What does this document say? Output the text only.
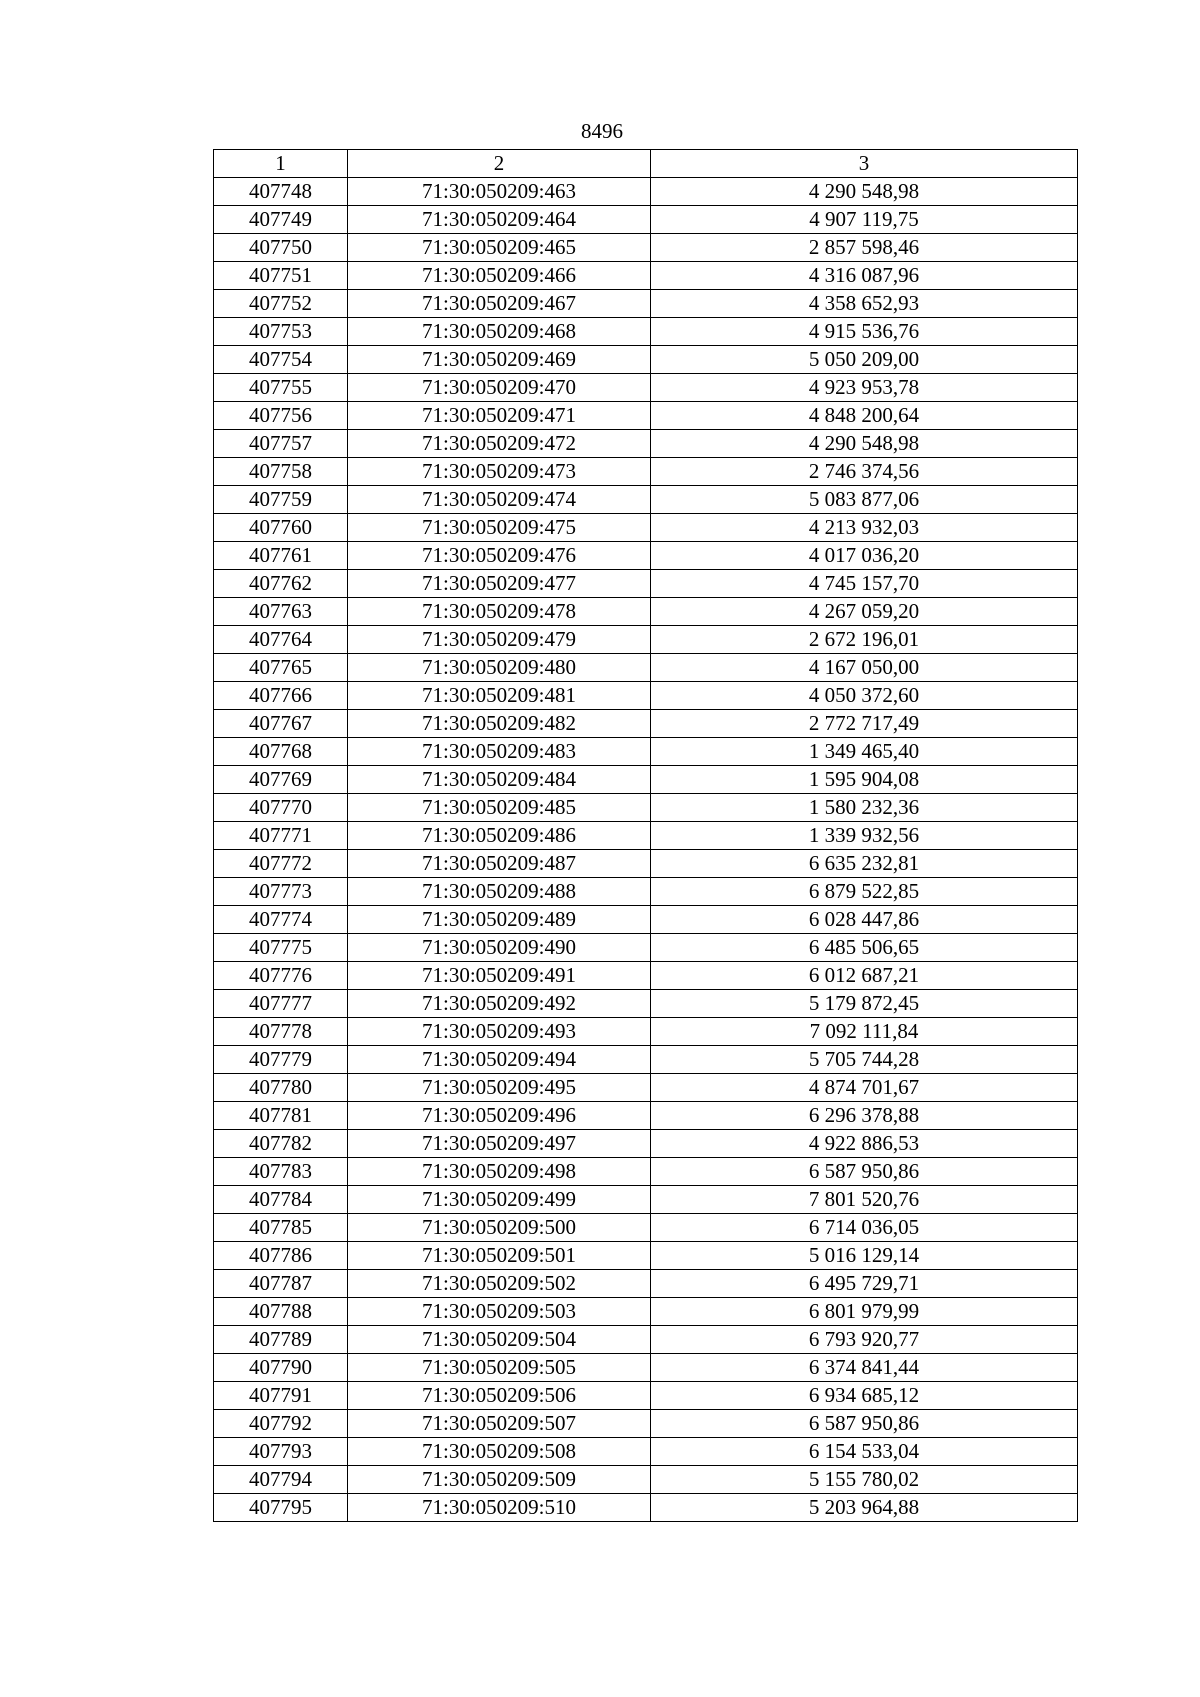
8496
1	2	3
407748	71:30:050209:463	4 290 548,98
407749	71:30:050209:464	4 907 119,75
407750	71:30:050209:465	2 857 598,46
407751	71:30:050209:466	4 316 087,96
407752	71:30:050209:467	4 358 652,93
407753	71:30:050209:468	4 915 536,76
407754	71:30:050209:469	5 050 209,00
407755	71:30:050209:470	4 923 953,78
407756	71:30:050209:471	4 848 200,64
407757	71:30:050209:472	4 290 548,98
407758	71:30:050209:473	2 746 374,56
407759	71:30:050209:474	5 083 877,06
407760	71:30:050209:475	4 213 932,03
407761	71:30:050209:476	4 017 036,20
407762	71:30:050209:477	4 745 157,70
407763	71:30:050209:478	4 267 059,20
407764	71:30:050209:479	2 672 196,01
407765	71:30:050209:480	4 167 050,00
407766	71:30:050209:481	4 050 372,60
407767	71:30:050209:482	2 772 717,49
407768	71:30:050209:483	1 349 465,40
407769	71:30:050209:484	1 595 904,08
407770	71:30:050209:485	1 580 232,36
407771	71:30:050209:486	1 339 932,56
407772	71:30:050209:487	6 635 232,81
407773	71:30:050209:488	6 879 522,85
407774	71:30:050209:489	6 028 447,86
407775	71:30:050209:490	6 485 506,65
407776	71:30:050209:491	6 012 687,21
407777	71:30:050209:492	5 179 872,45
407778	71:30:050209:493	7 092 111,84
407779	71:30:050209:494	5 705 744,28
407780	71:30:050209:495	4 874 701,67
407781	71:30:050209:496	6 296 378,88
407782	71:30:050209:497	4 922 886,53
407783	71:30:050209:498	6 587 950,86
407784	71:30:050209:499	7 801 520,76
407785	71:30:050209:500	6 714 036,05
407786	71:30:050209:501	5 016 129,14
407787	71:30:050209:502	6 495 729,71
407788	71:30:050209:503	6 801 979,99
407789	71:30:050209:504	6 793 920,77
407790	71:30:050209:505	6 374 841,44
407791	71:30:050209:506	6 934 685,12
407792	71:30:050209:507	6 587 950,86
407793	71:30:050209:508	6 154 533,04
407794	71:30:050209:509	5 155 780,02
407795	71:30:050209:510	5 203 964,88
